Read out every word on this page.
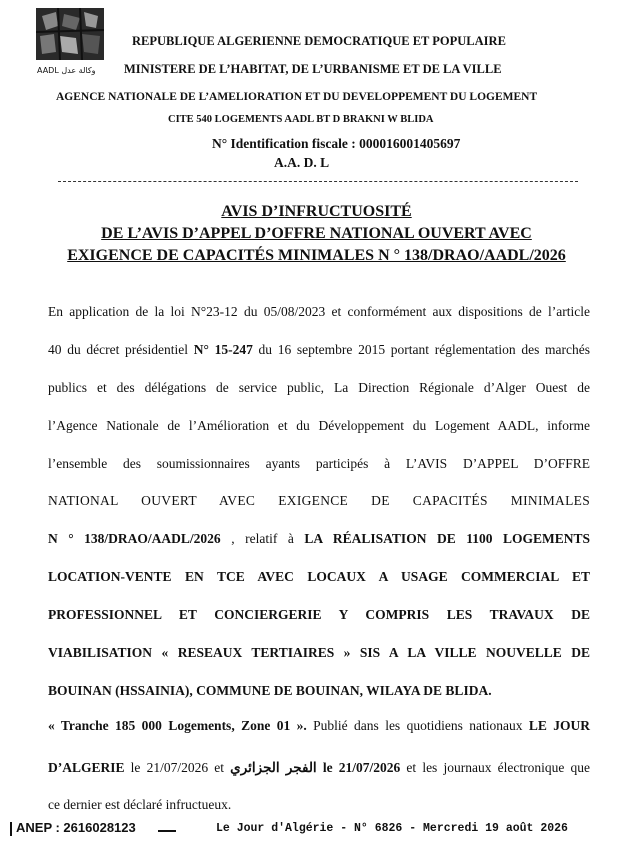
AADL وكالة عدل
REPUBLIQUE ALGERIENNE DEMOCRATIQUE ET POPULAIRE
MINISTERE DE L’HABITAT, DE L’URBANISME ET DE LA VILLE
AGENCE NATIONALE DE L’AMELIORATION ET DU DEVELOPPEMENT DU LOGEMENT
CITE 540 LOGEMENTS AADL BT D BRAKNI W BLIDA
N° Identification fiscale : 000016001405697
A.A. D. L
AVIS D’INFRUCTUOSITÉ
DE L’AVIS D’APPEL D’OFFRE NATIONAL OUVERT AVEC
EXIGENCE DE CAPACITÉS MINIMALES N ° 138/DRAO/AADL/2026
En application de la loi N°23-12 du 05/08/2023 et conformément aux dispositions de l’article
40 du décret présidentiel N° 15-247 du 16 septembre 2015 portant réglementation des marchés
publics et des délégations de service public, La Direction Régionale d’Alger Ouest de
l’Agence Nationale de l’Amélioration et du Développement du Logement AADL, informe
l’ensemble des soumissionnaires ayants participés à L’AVIS D’APPEL D’OFFRE
NATIONAL OUVERT AVEC EXIGENCE DE CAPACITÉS MINIMALES
N ° 138/DRAO/AADL/2026 , relatif à LA RÉALISATION DE 1100 LOGEMENTS
LOCATION-VENTE EN TCE AVEC LOCAUX A USAGE COMMERCIAL ET
PROFESSIONNEL ET CONCIERGERIE Y COMPRIS LES TRAVAUX DE
VIABILISATION « RESEAUX TERTIAIRES » SIS A LA VILLE NOUVELLE DE
BOUINAN (HSSAINIA), COMMUNE DE BOUINAN, WILAYA DE BLIDA.
« Tranche 185 000 Logements, Zone 01 ». Publié dans les quotidiens nationaux LE JOUR
D’ALGERIE le 21/07/2026 et الفجر الجزائري le 21/07/2026 et les journaux électronique que
ce dernier est déclaré infructueux.
ANEP : 2616028123	Le Jour d'Algérie - N° 6826 - Mercredi 19 août 2026
